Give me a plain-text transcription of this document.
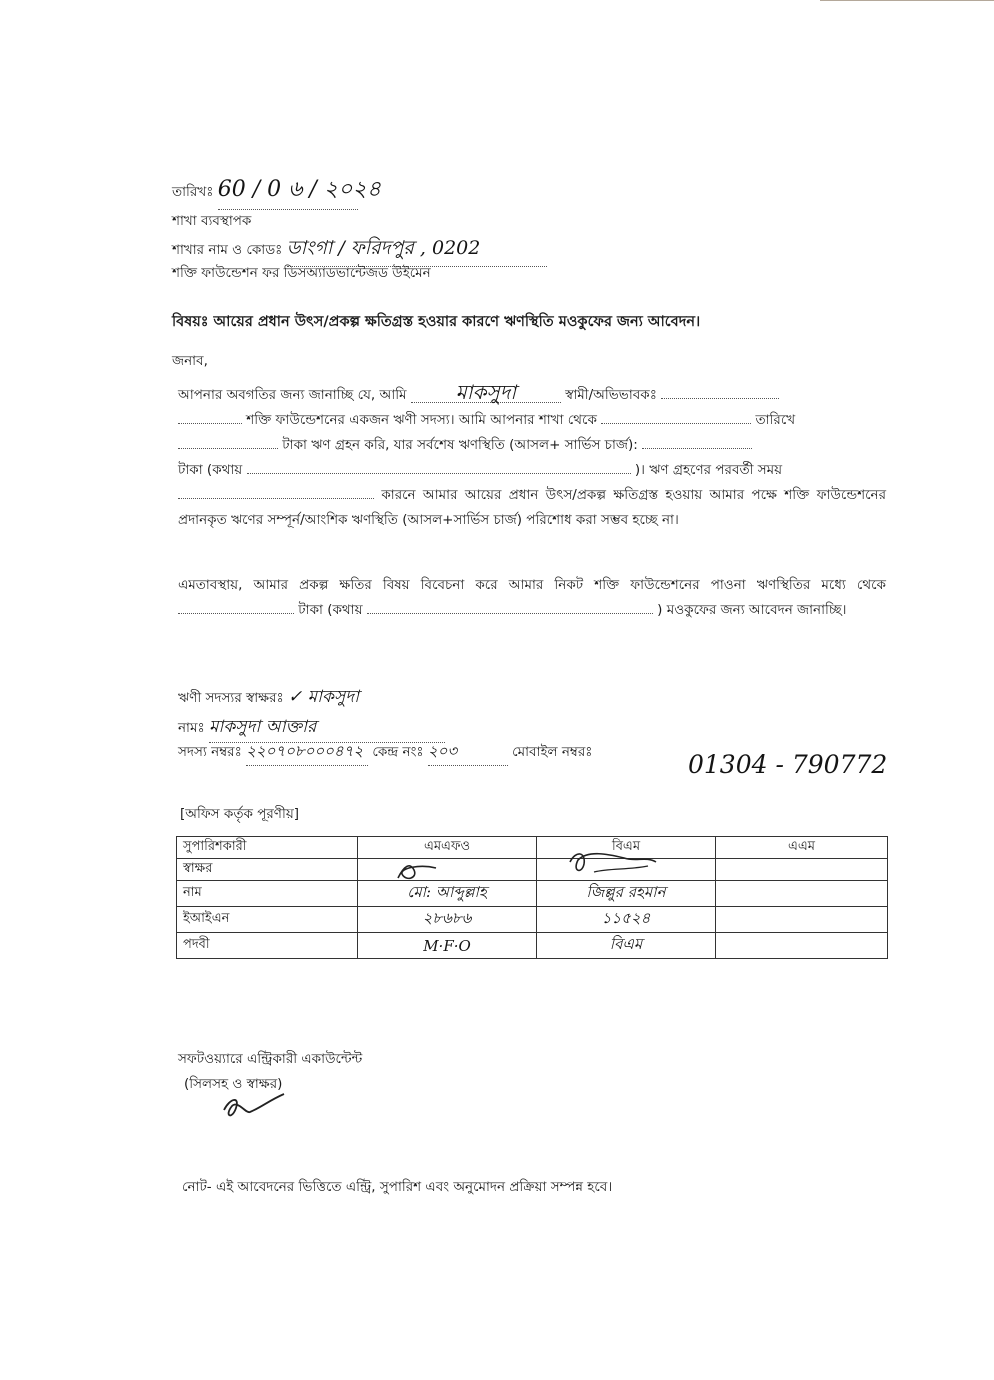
তারিখঃ 60 / 0 ৬ / ২০২৪
শাখা ব্যবস্থাপক
শাখার নাম ও কোডঃ ডাংগা / ফরিদপুর , 0202
শক্তি ফাউন্ডেশন ফর ডিসঅ্যাডভান্টেজড উইমেন
বিষয়ঃ আয়ের প্রধান উৎস/প্রকল্প ক্ষতিগ্রস্ত হওয়ার কারণে ঋণস্থিতি মওকুফের জন্য আবেদন।
জনাব,
আপনার অবগতির জন্য জানাচ্ছি যে, আমি মাকসুদা	স্বামী/অভিভাবকঃ
শক্তি ফাউন্ডেশনের একজন ঋণী সদস্য। আমি আপনার শাখা থেকে	তারিখে
টাকা ঋণ গ্রহন করি, যার সর্বশেষ ঋণস্থিতি (আসল+ সার্ভিস চার্জ):
টাকা (কথায়	)। ঋণ গ্রহণের পরবর্তী সময়
কারনে আমার আয়ের প্রধান উৎস/প্রকল্প ক্ষতিগ্রস্ত হওয়ায় আমার পক্ষে শক্তি ফাউন্ডেশনের প্রদানকৃত ঋণের সম্পূর্ন/আংশিক ঋণস্থিতি (আসল+সার্ভিস চার্জ) পরিশোধ করা সম্ভব হচ্ছে না।
এমতাবস্থায়, আমার প্রকল্প ক্ষতির বিষয় বিবেচনা করে আমার নিকট শক্তি ফাউন্ডেশনের পাওনা ঋণস্থিতির মধ্যে থেকে  টাকা (কথায়	) মওকুফের জন্য আবেদন জানাচ্ছি।
ঋণী সদস্যর স্বাক্ষরঃ ✓ মাকসুদা
নামঃ মাকসুদা আক্তার
সদস্য নম্বরঃ ২২০৭০৮০০০৪৭২ কেন্দ্র নংঃ ২০৩	মোবাইল নম্বরঃ	01304 - 790772
[অফিস কর্তৃক পূরণীয়]
সুপারিশকারী	এমএফও	বিএম	এএম
স্বাক্ষর			
নাম	মো: আব্দুল্লাহ	জিল্লুর রহমান	
ইআইএন	২৮৬৮৬	১১৫২৪	
পদবী	M·F·O	বিএম	
সফটওয়্যারে এন্ট্রিকারী একাউন্টেন্ট
(সিলসহ ও স্বাক্ষর)
নোট- এই আবেদনের ভিত্তিতে এন্ট্রি, সুপারিশ এবং অনুমোদন প্রক্রিয়া সম্পন্ন হবে।
